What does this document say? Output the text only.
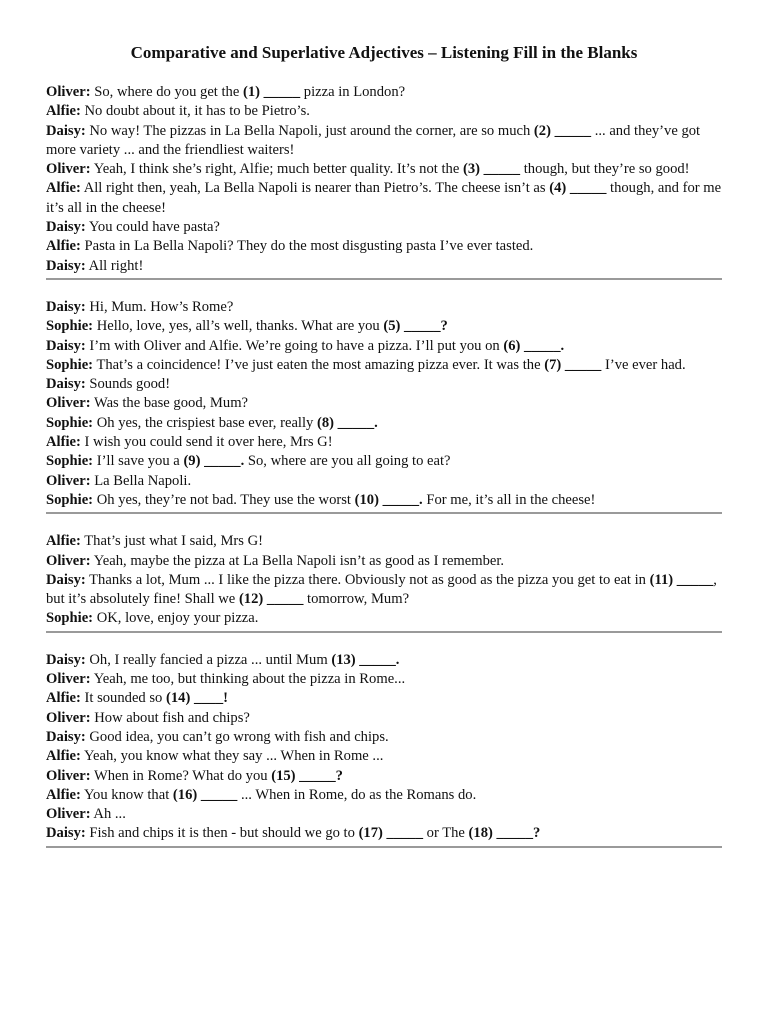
Comparative and Superlative Adjectives – Listening Fill in the Blanks

Oliver: So, where do you get the (1) _____ pizza in London?

Alfie: No doubt about it, it has to be Pietro’s.

Daisy: No way! The pizzas in La Bella Napoli, just around the corner, are so much (2) _____ ... and they’ve got more variety ... and the friendliest waiters!

Oliver: Yeah, I think she’s right, Alfie; much better quality. It’s not the (3) _____ though, but they’re so good!

Alfie: All right then, yeah, La Bella Napoli is nearer than Pietro’s. The cheese isn’t as (4) _____ though, and for me it’s all in the cheese!

Daisy: You could have pasta?

Alfie: Pasta in La Bella Napoli? They do the most disgusting pasta I’ve ever tasted.

Daisy: All right!

Daisy: Hi, Mum. How’s Rome?

Sophie: Hello, love, yes, all’s well, thanks. What are you (5) _____?

Daisy: I’m with Oliver and Alfie. We’re going to have a pizza. I’ll put you on (6) _____.

Sophie: That’s a coincidence! I’ve just eaten the most amazing pizza ever. It was the (7) _____ I’ve ever had.

Daisy: Sounds good!

Oliver: Was the base good, Mum?

Sophie: Oh yes, the crispiest base ever, really (8) _____.

Alfie: I wish you could send it over here, Mrs G!

Sophie: I’ll save you a (9) _____. So, where are you all going to eat?

Oliver: La Bella Napoli.

Sophie: Oh yes, they’re not bad. They use the worst (10) _____. For me, it’s all in the cheese!

Alfie: That’s just what I said, Mrs G!

Oliver: Yeah, maybe the pizza at La Bella Napoli isn’t as good as I remember.

Daisy: Thanks a lot, Mum ... I like the pizza there. Obviously not as good as the pizza you get to eat in (11) _____, but it’s absolutely fine! Shall we (12) _____ tomorrow, Mum?

Sophie: OK, love, enjoy your pizza.

Daisy: Oh, I really fancied a pizza ... until Mum (13) _____.

Oliver: Yeah, me too, but thinking about the pizza in Rome...

Alfie: It sounded so (14) ____!

Oliver: How about fish and chips?

Daisy: Good idea, you can’t go wrong with fish and chips.

Alfie: Yeah, you know what they say ... When in Rome ...

Oliver: When in Rome? What do you (15) _____?

Alfie: You know that (16) _____ ... When in Rome, do as the Romans do.

Oliver: Ah ...

Daisy: Fish and chips it is then - but should we go to (17) _____ or The (18) _____?
